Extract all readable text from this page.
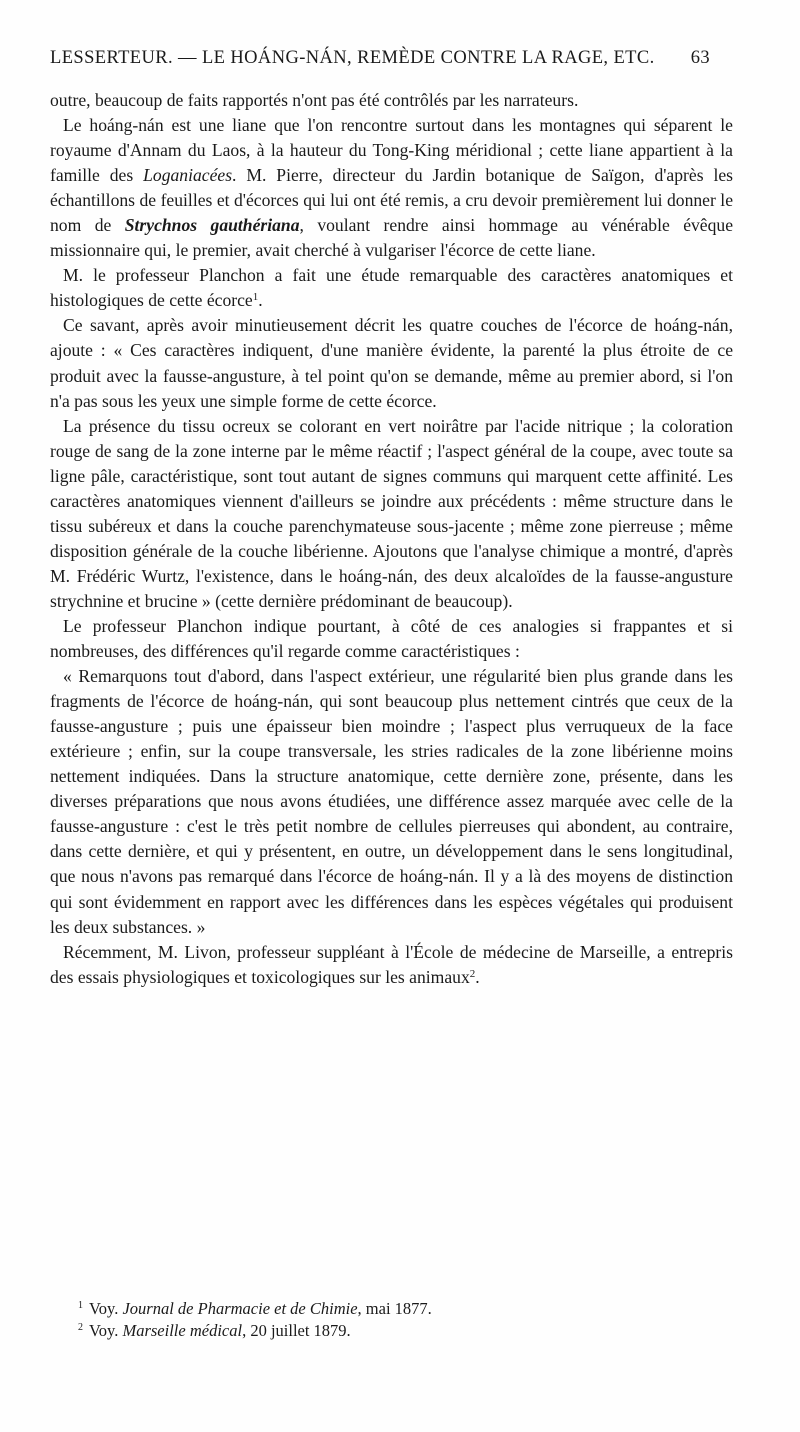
LESSERTEUR. — LE HOÁNG-NÁN, REMÈDE CONTRE LA RAGE, ETC. 63

outre, beaucoup de faits rapportés n'ont pas été contrôlés par les narrateurs.

Le hoáng-nán est une liane que l'on rencontre surtout dans les montagnes qui séparent le royaume d'Annam du Laos, à la hauteur du Tong-King méridional ; cette liane appartient à la famille des Loganiacées. M. Pierre, directeur du Jardin botanique de Saïgon, d'après les échantillons de feuilles et d'écorces qui lui ont été remis, a cru devoir premièrement lui donner le nom de Strychnos gauthériana, voulant rendre ainsi hommage au vénérable évêque missionnaire qui, le premier, avait cherché à vulgariser l'écorce de cette liane.

M. le professeur Planchon a fait une étude remarquable des caractères anatomiques et histologiques de cette écorce$^1$.

Ce savant, après avoir minutieusement décrit les quatre couches de l'écorce de hoáng-nán, ajoute : « Ces caractères indiquent, d'une manière évidente, la parenté la plus étroite de ce produit avec la fausse-angusture, à tel point qu'on se demande, même au premier abord, si l'on n'a pas sous les yeux une simple forme de cette écorce.

La présence du tissu ocreux se colorant en vert noirâtre par l'acide nitrique ; la coloration rouge de sang de la zone interne par le même réactif ; l'aspect général de la coupe, avec toute sa ligne pâle, caractéristique, sont tout autant de signes communs qui marquent cette affinité. Les caractères anatomiques viennent d'ailleurs se joindre aux précédents : même structure dans le tissu subéreux et dans la couche parenchymateuse sous-jacente ; même zone pierreuse ; même disposition générale de la couche libérienne. Ajoutons que l'analyse chimique a montré, d'après M. Frédéric Wurtz, l'existence, dans le hoáng-nán, des deux alcaloïdes de la fausse-angusture strychnine et brucine » (cette dernière prédominant de beaucoup).

Le professeur Planchon indique pourtant, à côté de ces analogies si frappantes et si nombreuses, des différences qu'il regarde comme caractéristiques :

« Remarquons tout d'abord, dans l'aspect extérieur, une régularité bien plus grande dans les fragments de l'écorce de hoáng-nán, qui sont beaucoup plus nettement cintrés que ceux de la fausse-angusture ; puis une épaisseur bien moindre ; l'aspect plus verruqueux de la face extérieure ; enfin, sur la coupe transversale, les stries radicales de la zone libérienne moins nettement indiquées. Dans la structure anatomique, cette dernière zone, présente, dans les diverses préparations que nous avons étudiées, une différence assez marquée avec celle de la fausse-angusture : c'est le très petit nombre de cellules pierreuses qui abondent, au contraire, dans cette dernière, et qui y présentent, en outre, un développement dans le sens longitudinal, que nous n'avons pas remarqué dans l'écorce de hoáng-nán. Il y a là des moyens de distinction qui sont évidemment en rapport avec les différences dans les espèces végétales qui produisent les deux substances. »

Récemment, M. Livon, professeur suppléant à l'École de médecine de Marseille, a entrepris des essais physiologiques et toxicologiques sur les animaux$^2$.

$^1$ Voy. Journal de Pharmacie et de Chimie, mai 1877.
$^2$ Voy. Marseille médical, 20 juillet 1879.
